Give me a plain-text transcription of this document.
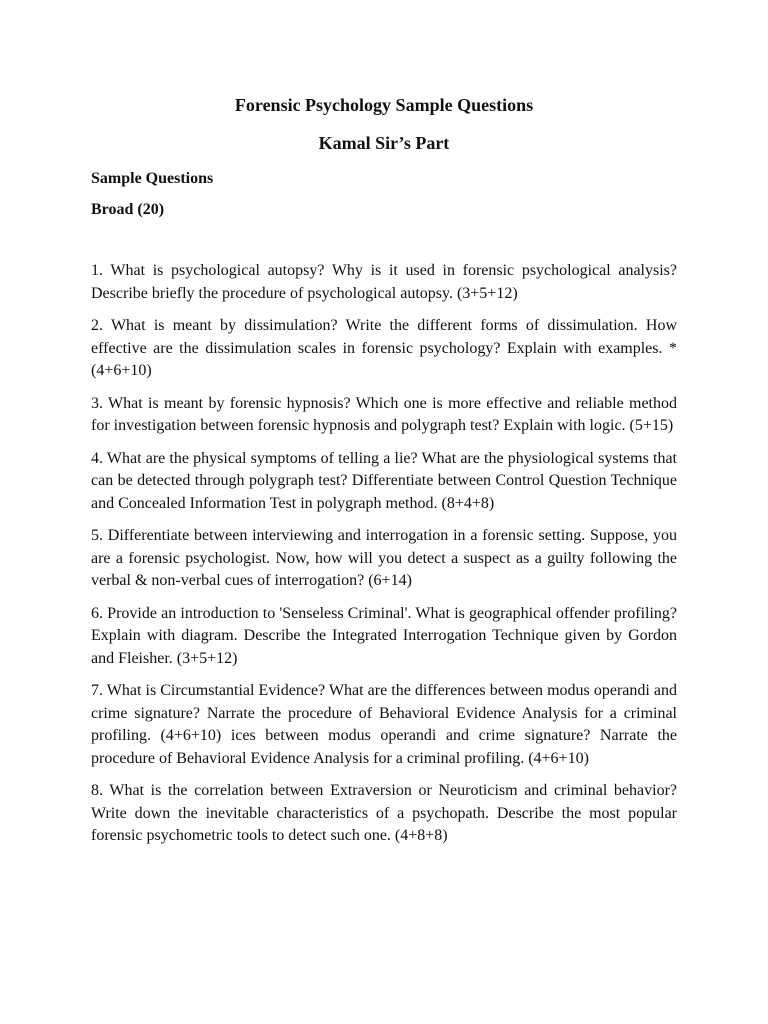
Forensic Psychology Sample Questions
Kamal Sir’s Part

Sample Questions

Broad (20)

1. What is psychological autopsy? Why is it used in forensic psychological analysis? Describe briefly the procedure of psychological autopsy. (3+5+12)
2. What is meant by dissimulation? Write the different forms of dissimulation. How effective are the dissimulation scales in forensic psychology? Explain with examples. *(4+6+10)
3. What is meant by forensic hypnosis? Which one is more effective and reliable method for investigation between forensic hypnosis and polygraph test? Explain with logic. (5+15)
4. What are the physical symptoms of telling a lie? What are the physiological systems that can be detected through polygraph test? Differentiate between Control Question Technique and Concealed Information Test in polygraph method. (8+4+8)
5. Differentiate between interviewing and interrogation in a forensic setting. Suppose, you are a forensic psychologist. Now, how will you detect a suspect as a guilty following the verbal & non-verbal cues of interrogation? (6+14)
6. Provide an introduction to 'Senseless Criminal'. What is geographical offender profiling? Explain with diagram. Describe the Integrated Interrogation Technique given by Gordon and Fleisher. (3+5+12)
7. What is Circumstantial Evidence? What are the differences between modus operandi and crime signature? Narrate the procedure of Behavioral Evidence Analysis for a criminal profiling. (4+6+10) ices between modus operandi and crime signature? Narrate the procedure of Behavioral Evidence Analysis for a criminal profiling. (4+6+10)
8. What is the correlation between Extraversion or Neuroticism and criminal behavior? Write down the inevitable characteristics of a psychopath. Describe the most popular forensic psychometric tools to detect such one. (4+8+8)
